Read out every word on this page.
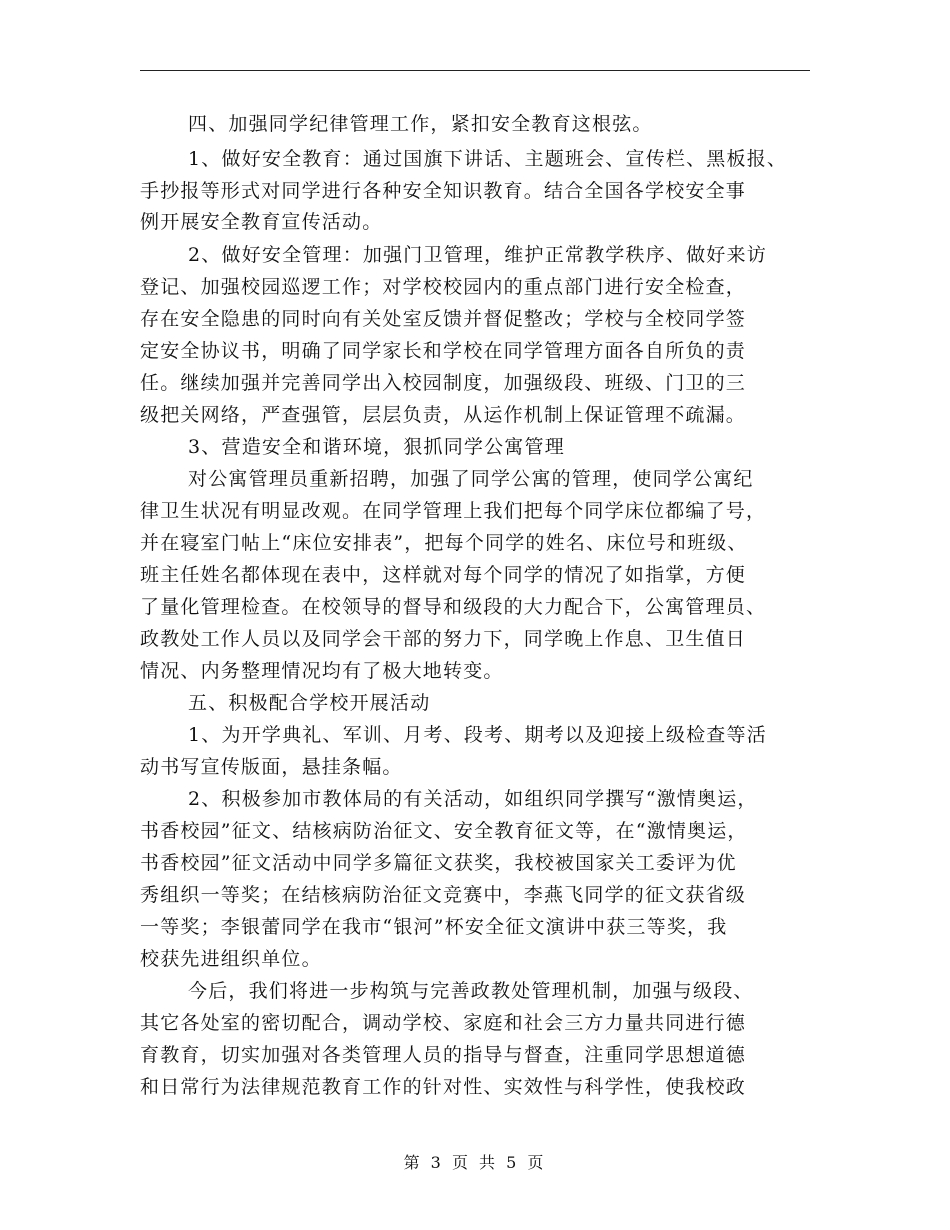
四、加强同学纪律管理工作，紧扣安全教育这根弦。
1、做好安全教育：通过国旗下讲话、主题班会、宣传栏、黑板报、
手抄报等形式对同学进行各种安全知识教育。结合全国各学校安全事
例开展安全教育宣传活动。
2、做好安全管理：加强门卫管理，维护正常教学秩序、做好来访
登记、加强校园巡逻工作；对学校校园内的重点部门进行安全检查，
存在安全隐患的同时向有关处室反馈并督促整改；学校与全校同学签
定安全协议书，明确了同学家长和学校在同学管理方面各自所负的责
任。继续加强并完善同学出入校园制度，加强级段、班级、门卫的三
级把关网络，严查强管，层层负责，从运作机制上保证管理不疏漏。
3、营造安全和谐环境，狠抓同学公寓管理
对公寓管理员重新招聘，加强了同学公寓的管理，使同学公寓纪
律卫生状况有明显改观。在同学管理上我们把每个同学床位都编了号，
并在寝室门帖上“床位安排表”，把每个同学的姓名、床位号和班级、
班主任姓名都体现在表中，这样就对每个同学的情况了如指掌，方便
了量化管理检查。在校领导的督导和级段的大力配合下，公寓管理员、
政教处工作人员以及同学会干部的努力下，同学晚上作息、卫生值日
情况、内务整理情况均有了极大地转变。
五、积极配合学校开展活动
1、为开学典礼、军训、月考、段考、期考以及迎接上级检查等活
动书写宣传版面，悬挂条幅。
2、积极参加市教体局的有关活动，如组织同学撰写“激情奥运，
书香校园”征文、结核病防治征文、安全教育征文等，在“激情奥运，
书香校园”征文活动中同学多篇征文获奖，我校被国家关工委评为优
秀组织一等奖；在结核病防治征文竞赛中，李燕飞同学的征文获省级
一等奖；李银蕾同学在我市“银河”杯安全征文演讲中获三等奖，我
校获先进组织单位。
今后，我们将进一步构筑与完善政教处管理机制，加强与级段、
其它各处室的密切配合，调动学校、家庭和社会三方力量共同进行德
育教育，切实加强对各类管理人员的指导与督查，注重同学思想道德
和日常行为法律规范教育工作的针对性、实效性与科学性，使我校政
第 3 页 共 5 页
